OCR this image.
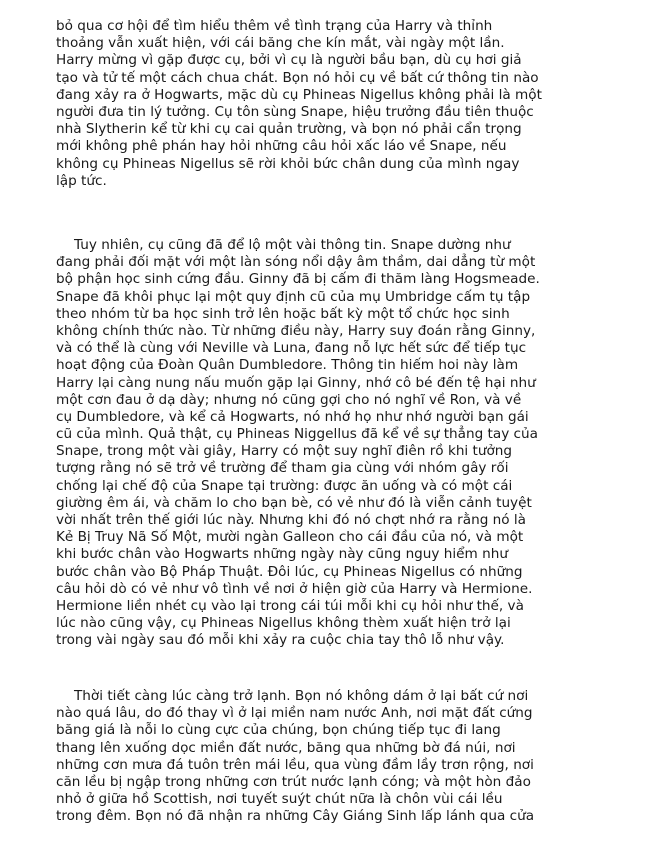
bỏ qua cơ hội để tìm hiểu thêm về tình trạng của Harry và thỉnh
thoảng vẫn xuất hiện, với cái băng che kín mắt, vài ngày một lần.
Harry mừng vì gặp được cụ, bởi vì cụ là người bầu bạn, dù cụ hơi giả
tạo và tử tế một cách chua chát. Bọn nó hỏi cụ về bất cứ thông tin nào
đang xảy ra ở Hogwarts, mặc dù cụ Phineas Nigellus không phải là một
người đưa tin lý tưởng. Cụ tôn sùng Snape, hiệu trưởng đầu tiên thuộc
nhà Slytherin kể từ khi cụ cai quản trường, và bọn nó phải cẩn trọng
mới không phê phán hay hỏi những câu hỏi xấc láo về Snape, nếu
không cụ Phineas Nigellus sẽ rời khỏi bức chân dung của mình ngay
lập tức.

Tuy nhiên, cụ cũng đã để lộ một vài thông tin. Snape dường như
đang phải đối mặt với một làn sóng nổi dậy âm thầm, dai dẳng từ một
bộ phận học sinh cứng đầu. Ginny đã bị cấm đi thăm làng Hogsmeade.
Snape đã khôi phục lại một quy định cũ của mụ Umbridge cấm tụ tập
theo nhóm từ ba học sinh trở lên hoặc bất kỳ một tổ chức học sinh
không chính thức nào. Từ những điều này, Harry suy đoán rằng Ginny,
và có thể là cùng với Neville và Luna, đang nỗ lực hết sức để tiếp tục
hoạt động của Đoàn Quân Dumbledore. Thông tin hiếm hoi này làm
Harry lại càng nung nấu muốn gặp lại Ginny, nhớ cô bé đến tệ hại như
một cơn đau ở dạ dày; nhưng nó cũng gợi cho nó nghĩ về Ron, và về
cụ Dumbledore, và kể cả Hogwarts, nó nhớ họ như nhớ người bạn gái
cũ của mình. Quả thật, cụ Phineas Niggellus đã kể về sự thẳng tay của
Snape, trong một vài giây, Harry có một suy nghĩ điên rồ khi tưởng
tượng rằng nó sẽ trở về trường để tham gia cùng với nhóm gây rối
chống lại chế độ của Snape tại trường: được ăn uống và có một cái
giường êm ái, và chăm lo cho bạn bè, có vẻ như đó là viễn cảnh tuyệt
vời nhất trên thế giới lúc này. Nhưng khi đó nó chợt nhớ ra rằng nó là
Kẻ Bị Truy Nã Số Một, mười ngàn Galleon cho cái đầu của nó, và một
khi bước chân vào Hogwarts những ngày này cũng nguy hiểm như
bước chân vào Bộ Pháp Thuật. Đôi lúc, cụ Phineas Nigellus có những
câu hỏi dò có vẻ như vô tình về nơi ở hiện giờ của Harry và Hermione.
Hermione liền nhét cụ vào lại trong cái túi mỗi khi cụ hỏi như thế, và
lúc nào cũng vậy, cụ Phineas Nigellus không thèm xuất hiện trở lại
trong vài ngày sau đó mỗi khi xảy ra cuộc chia tay thô lỗ như vậy.

Thời tiết càng lúc càng trở lạnh. Bọn nó không dám ở lại bất cứ nơi
nào quá lâu, do đó thay vì ở lại miền nam nước Anh, nơi mặt đất cứng
băng giá là nỗi lo cùng cực của chúng, bọn chúng tiếp tục đi lang
thang lên xuống dọc miền đất nước, băng qua những bờ đá núi, nơi
những cơn mưa đá tuôn trên mái lều, qua vùng đầm lầy trơn rộng, nơi
căn lều bị ngập trong những cơn trút nước lạnh cóng; và một hòn đảo
nhỏ ở giữa hồ Scottish, nơi tuyết suýt chút nữa là chôn vùi cái lều
trong đêm. Bọn nó đã nhận ra những Cây Giáng Sinh lấp lánh qua cửa
